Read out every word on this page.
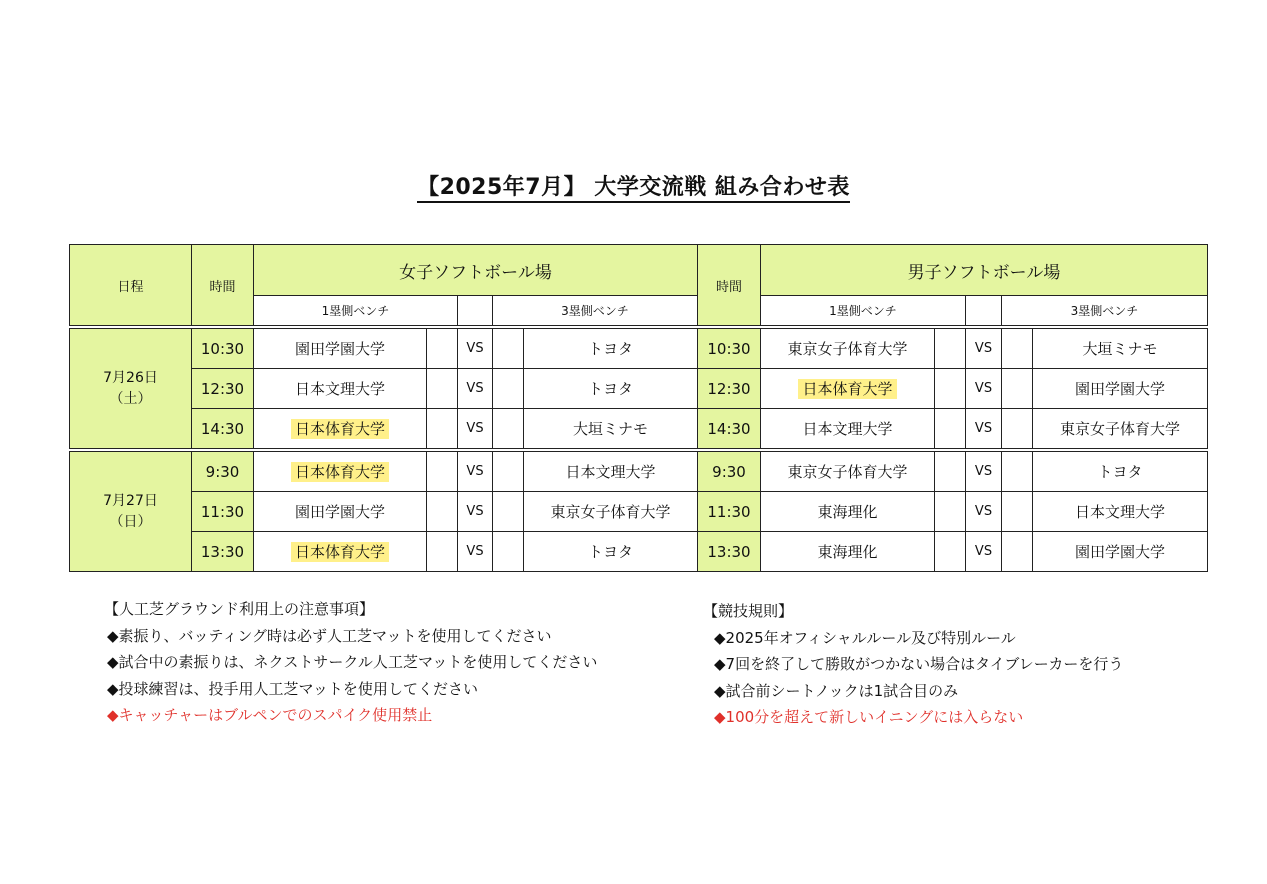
【2025年7月】 大学交流戦 組み合わせ表
日程	時間	女子ソフトボール場					時間	男子ソフトボール場				
		1塁側ベンチ			3塁側ベンチ			1塁側ベンチ			3塁側ベンチ	

7月26日
（土）	10:30	園田学園大学		VS		トヨタ	10:30	東京女子体育大学		VS		大垣ミナモ
	12:30	日本文理大学		VS		トヨタ	12:30	日本体育大学		VS		園田学園大学
	14:30	日本体育大学		VS		大垣ミナモ	14:30	日本文理大学		VS		東京女子体育大学

7月27日
（日）	9:30	日本体育大学		VS		日本文理大学	9:30	東京女子体育大学		VS		トヨタ
	11:30	園田学園大学		VS		東京女子体育大学	11:30	東海理化		VS		日本文理大学
	13:30	日本体育大学		VS		トヨタ	13:30	東海理化		VS		園田学園大学
【人工芝グラウンド利用上の注意事項】
◆素振り、バッティング時は必ず人工芝マットを使用してください
◆試合中の素振りは、ネクストサークル人工芝マットを使用してください
◆投球練習は、投手用人工芝マットを使用してください
◆キャッチャーはブルペンでのスパイク使用禁止
【競技規則】
◆2025年オフィシャルルール及び特別ルール
◆7回を終了して勝敗がつかない場合はタイブレーカーを行う
◆試合前シートノックは1試合目のみ
◆100分を超えて新しいイニングには入らない
